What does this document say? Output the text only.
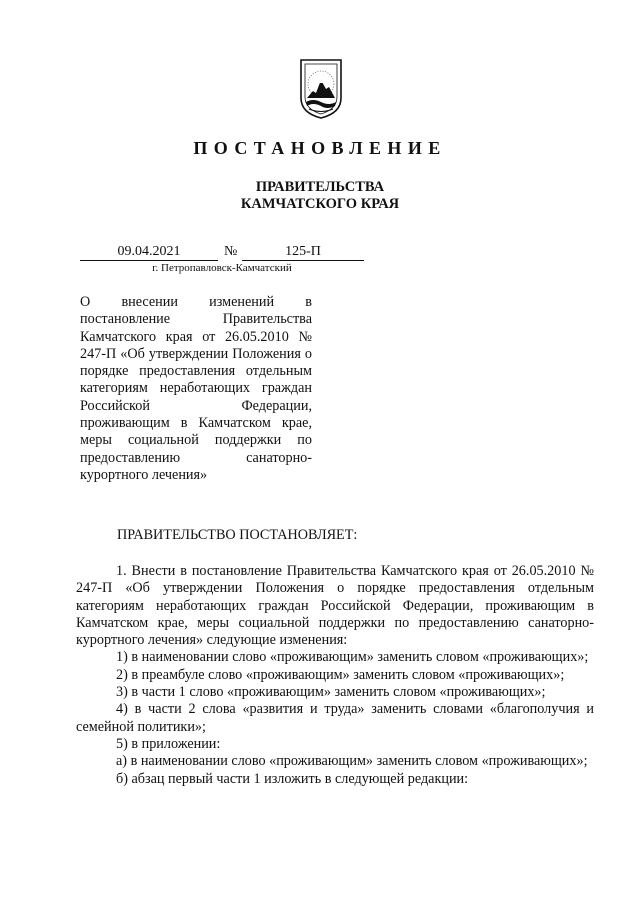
ПОСТАНОВЛЕНИЕ
ПРАВИТЕЛЬСТВА
КАМЧАТСКОГО КРАЯ
09.04.2021	№	125-П
г. Петропавловск-Камчатский
О внесении изменений в постановление Правительства Камчатского края от 26.05.2010 № 247-П «Об утверждении Положения о порядке предоставления отдельным категориям неработающих граждан Российской Федерации, проживающим в Камчатском крае, меры социальной поддержки по предоставлению санаторно-курортного лечения»
ПРАВИТЕЛЬСТВО ПОСТАНОВЛЯЕТ:

1. Внести в постановление Правительства Камчатского края от 26.05.2010 № 247-П «Об утверждении Положения о порядке предоставления отдельным категориям неработающих граждан Российской Федерации, проживающим в Камчатском крае, меры социальной поддержки по предоставлению санаторно-курортного лечения» следующие изменения:

1) в наименовании слово «проживающим» заменить словом «проживающих»;

2) в преамбуле слово «проживающим» заменить словом «проживающих»;

3) в части 1 слово «проживающим» заменить словом «проживающих»;

4) в части 2 слова «развития и труда» заменить словами «благополучия и семейной политики»;

5) в приложении:

а) в наименовании слово «проживающим» заменить словом «проживающих»;

б) абзац первый части 1 изложить в следующей редакции:
